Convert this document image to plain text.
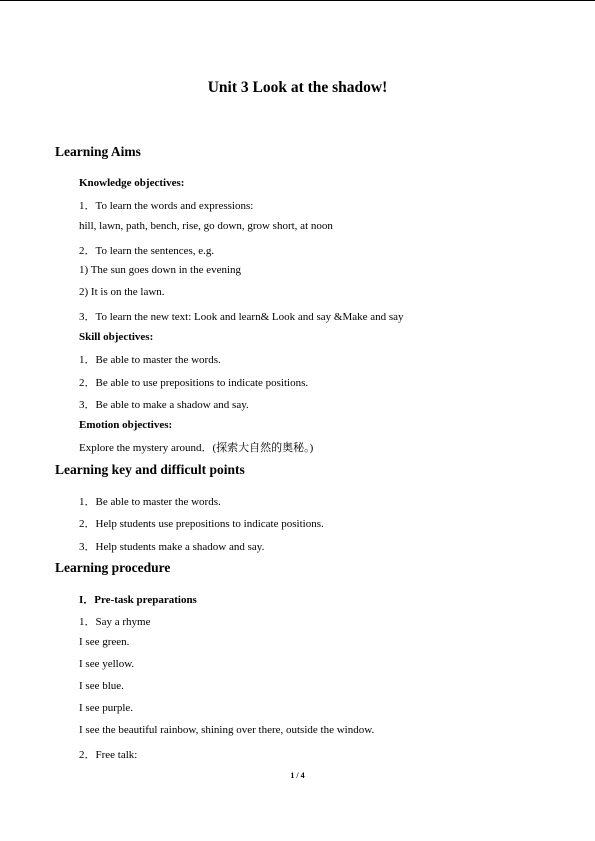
Unit 3 Look at the shadow!
Learning Aims
Knowledge objectives:
1．To learn the words and expressions:
hill, lawn, path, bench, rise, go down, grow short, at noon
2．To learn the sentences, e.g.
1) The sun goes down in the evening
2) It is on the lawn.
3．To learn the new text: Look and learn& Look and say &Make and say
Skill objectives:
1．Be able to master the words.
2．Be able to use prepositions to indicate positions.
3．Be able to make a shadow and say.
Emotion objectives:
Explore the mystery around．(探索大自然的奥秘。)
Learning key and difficult points
1．Be able to master the words.
2．Help students use prepositions to indicate positions.
3．Help students make a shadow and say.
Learning procedure
I．Pre-task preparations
1．Say a rhyme
I see green.
I see yellow.
I see blue.
I see purple.
I see the beautiful rainbow, shining over there, outside the window.
2．Free talk:
1 / 4
